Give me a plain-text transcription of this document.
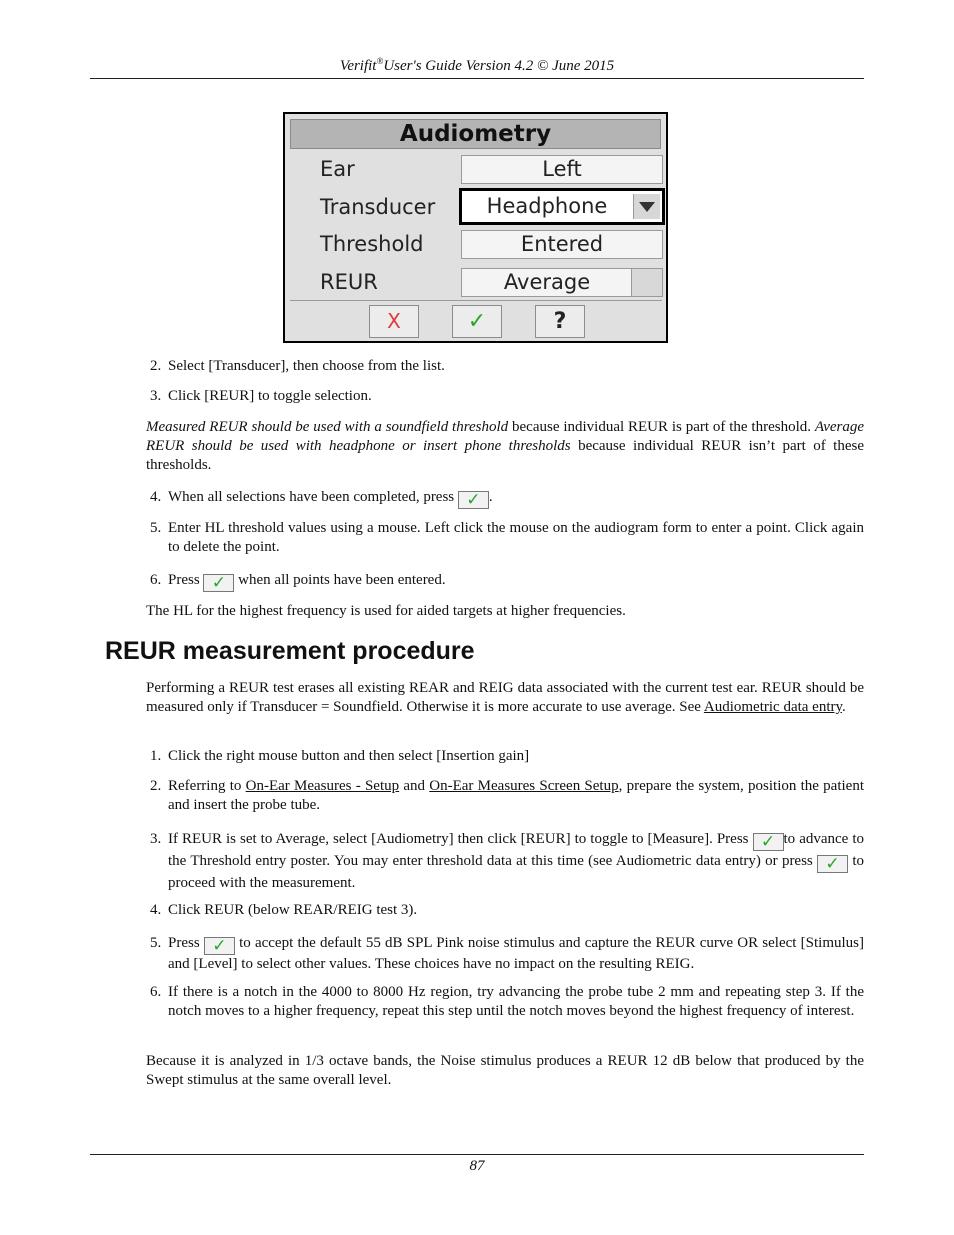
Verifit®User's Guide Version 4.2 © June 2015
Audiometry
Ear	Left
Transducer	Headphone
Threshold	Entered
REUR	Average
X	✓	?
2. Select [Transducer], then choose from the list.
3. Click [REUR] to toggle selection.
Measured REUR should be used with a soundfield threshold because individual REUR is part of the threshold. Average REUR should be used with headphone or insert phone thresholds because individual REUR isn’t part of these thresholds.
4. When all selections have been completed, press ✓ .
5. Enter HL threshold values using a mouse. Left click the mouse on the audiogram form to enter a point. Click again to delete the point.
6. Press ✓ when all points have been entered.
The HL for the highest frequency is used for aided targets at higher frequencies.
REUR measurement procedure
Performing a REUR test erases all existing REAR and REIG data associated with the current test ear. REUR should be measured only if Transducer = Soundfield. Otherwise it is more accurate to use average. See Audiometric data entry.
1. Click the right mouse button and then select [Insertion gain]
2. Referring to On-Ear Measures - Setup and On-Ear Measures Screen Setup, prepare the system, position the patient and insert the probe tube.
3. If REUR is set to Average, select [Audiometry] then click [REUR] to toggle to [Measure]. Press ✓ to advance to the Threshold entry poster. You may enter threshold data at this time (see Audiometric data entry) or press ✓ to proceed with the measurement.
4. Click REUR (below REAR/REIG test 3).
5. Press ✓ to accept the default 55 dB SPL Pink noise stimulus and capture the REUR curve OR select [Stimulus] and [Level] to select other values. These choices have no impact on the resulting REIG.
6. If there is a notch in the 4000 to 8000 Hz region, try advancing the probe tube 2 mm and repeating step 3. If the notch moves to a higher frequency, repeat this step until the notch moves beyond the highest frequency of interest.
Because it is analyzed in 1/3 octave bands, the Noise stimulus produces a REUR 12 dB below that produced by the Swept stimulus at the same overall level.
87
